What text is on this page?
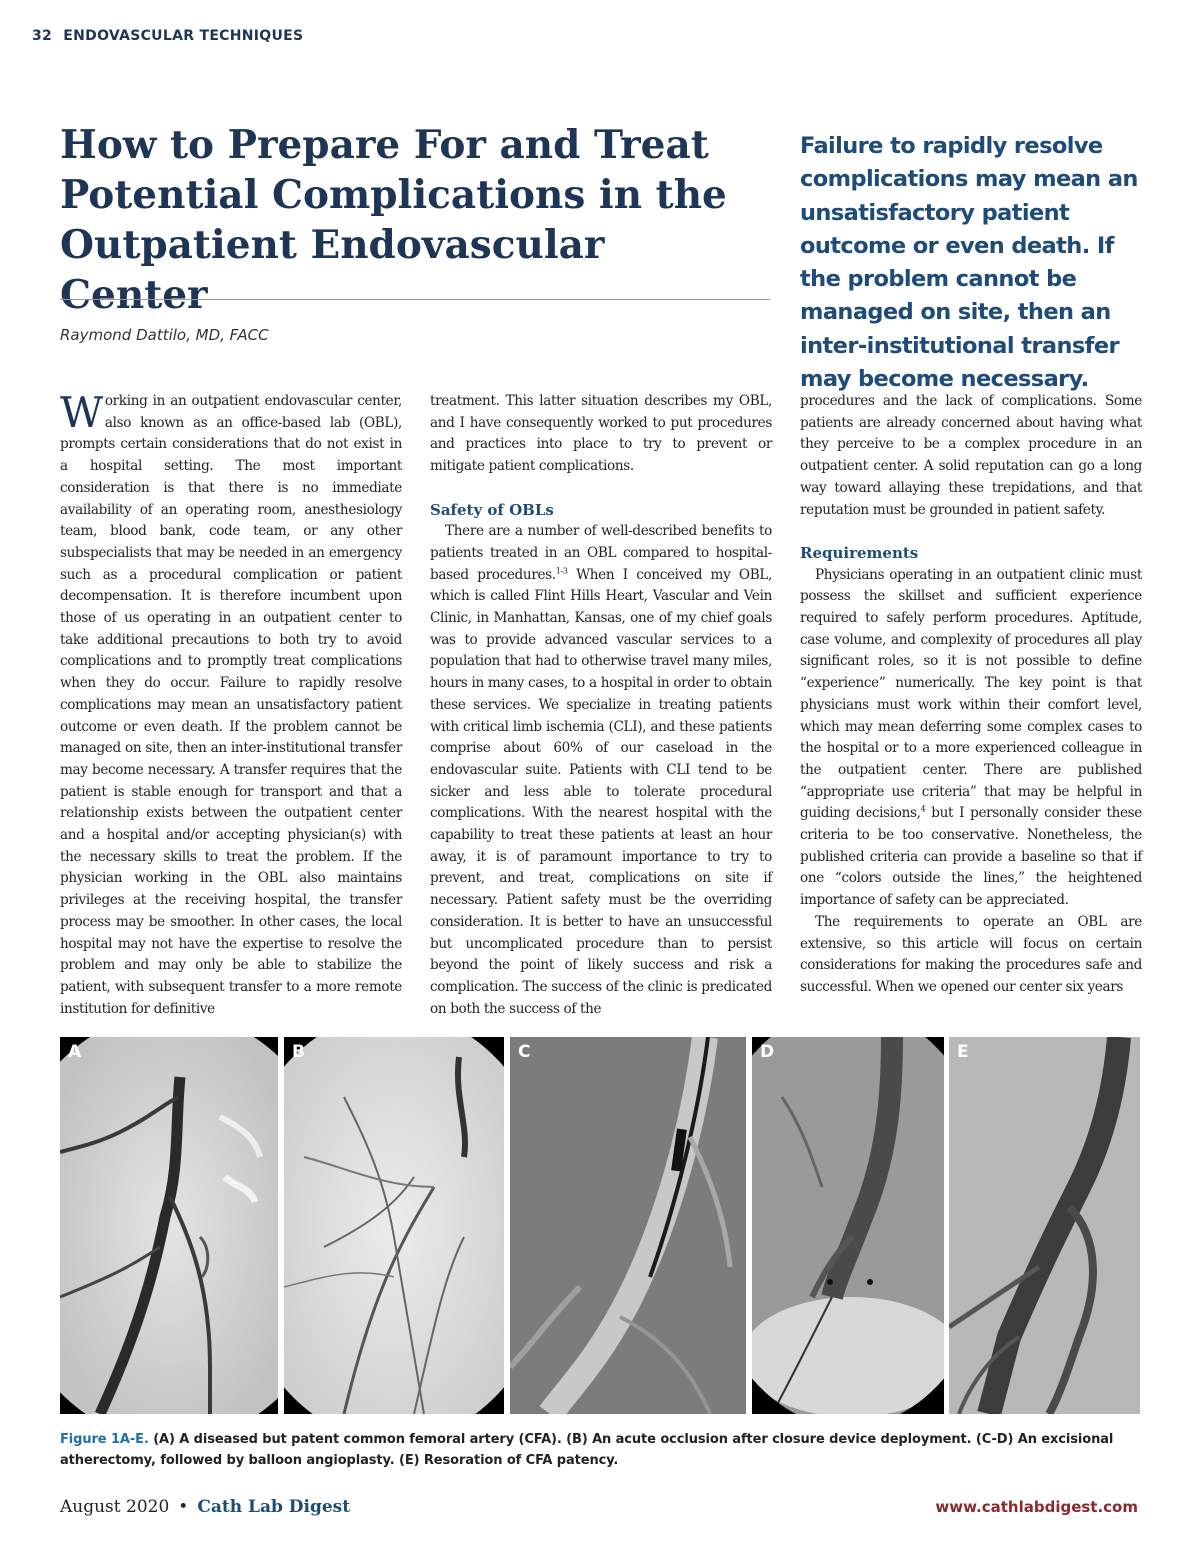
32 ENDOVASCULAR TECHNIQUES
How to Prepare For and Treat Potential Complications in the Outpatient Endovascular Center
Raymond Dattilo, MD, FACC

Failure to rapidly resolve complications may mean an unsatisfactory patient outcome or even death. If the problem cannot be managed on site, then an inter-institutional transfer may become necessary.

Working in an outpatient endovascular center, also known as an office-based lab (OBL), prompts certain considerations that do not exist in a hospital setting. The most important consideration is that there is no immediate availability of an operating room, anesthesiology team, blood bank, code team, or any other subspecialists that may be needed in an emergency such as a procedural complication or patient decompensation. It is therefore incumbent upon those of us operating in an outpatient center to take additional precautions to both try to avoid complications and to promptly treat complications when they do occur. Failure to rapidly resolve complications may mean an unsatisfactory patient outcome or even death. If the problem cannot be managed on site, then an inter-institutional transfer may become necessary. A transfer requires that the patient is stable enough for transport and that a relationship exists between the outpatient center and a hospital and/or accepting physician(s) with the necessary skills to treat the problem. If the physician working in the OBL also maintains privileges at the receiving hospital, the transfer process may be smoother. In other cases, the local hospital may not have the expertise to resolve the problem and may only be able to stabilize the patient, with subsequent transfer to a more remote institution for definitive

treatment. This latter situation describes my OBL, and I have consequently worked to put procedures and practices into place to try to prevent or mitigate patient complications.

Safety of OBLs

There are a number of well-described benefits to patients treated in an OBL compared to hospital-based procedures.$^{1-3}$ When I conceived my OBL, which is called Flint Hills Heart, Vascular and Vein Clinic, in Manhattan, Kansas, one of my chief goals was to provide advanced vascular services to a population that had to otherwise travel many miles, hours in many cases, to a hospital in order to obtain these services. We specialize in treating patients with critical limb ischemia (CLI), and these patients comprise about 60% of our caseload in the endovascular suite. Patients with CLI tend to be sicker and less able to tolerate procedural complications. With the nearest hospital with the capability to treat these patients at least an hour away, it is of paramount importance to try to prevent, and treat, complications on site if necessary. Patient safety must be the overriding consideration. It is better to have an unsuccessful but uncomplicated procedure than to persist beyond the point of likely success and risk a complication. The success of the clinic is predicated on both the success of the

procedures and the lack of complications. Some patients are already concerned about having what they perceive to be a complex procedure in an outpatient center. A solid reputation can go a long way toward allaying these trepidations, and that reputation must be grounded in patient safety.

Requirements

Physicians operating in an outpatient clinic must possess the skillset and sufficient experience required to safely perform procedures. Aptitude, case volume, and complexity of procedures all play significant roles, so it is not possible to define “experience” numerically. The key point is that physicians must work within their comfort level, which may mean deferring some complex cases to the hospital or to a more experienced colleague in the outpatient center. There are published “appropriate use criteria” that may be helpful in guiding decisions,$^4$ but I personally consider these criteria to be too conservative. Nonetheless, the published criteria can provide a baseline so that if one “colors outside the lines,” the heightened importance of safety can be appreciated.

The requirements to operate an OBL are extensive, so this article will focus on certain considerations for making the procedures safe and successful. When we opened our center six years

A	B	C	D	E
Figure 1A-E. (A) A diseased but patent common femoral artery (CFA). (B) An acute occlusion after closure device deployment. (C-D) An excisional atherectomy, followed by balloon angioplasty. (E) Resoration of CFA patency.
August 2020 • Cath Lab Digest	www.cathlabdigest.com
